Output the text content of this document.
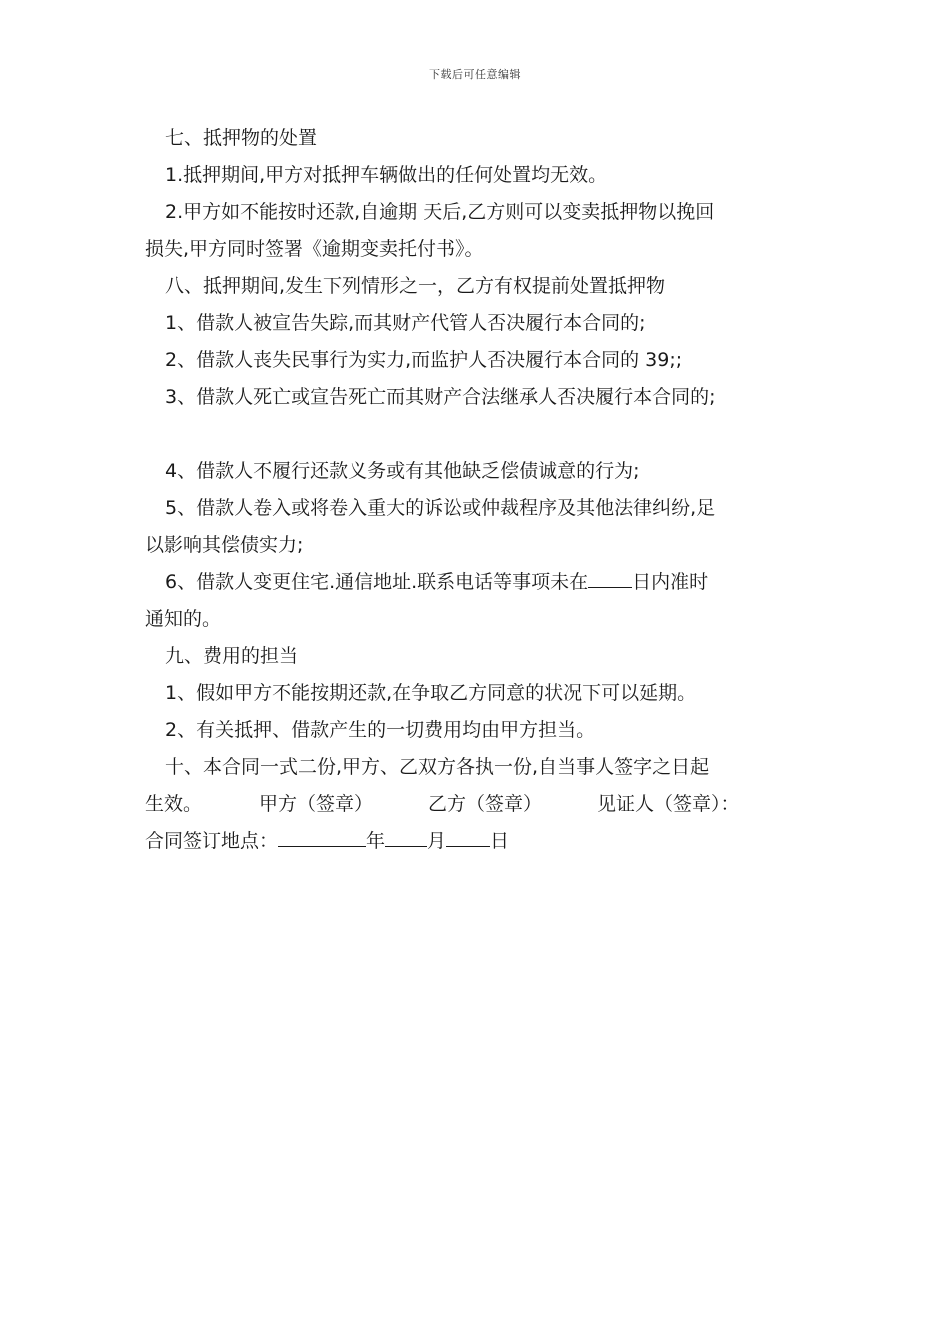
下载后可任意编辑

七、抵押物的处置

1.抵押期间,甲方对抵押车辆做出的任何处置均无效。

2.甲方如不能按时还款,自逾期 天后,乙方则可以变卖抵押物以挽回

损失,甲方同时签署《逾期变卖托付书》。

八、抵押期间,发生下列情形之一，乙方有权提前处置抵押物

1、借款人被宣告失踪,而其财产代管人否决履行本合同的;

2、借款人丧失民事行为实力,而监护人否决履行本合同的 39;;

3、借款人死亡或宣告死亡而其财产合法继承人否决履行本合同的;

4、借款人不履行还款义务或有其他缺乏偿债诚意的行为;

5、借款人卷入或将卷入重大的诉讼或仲裁程序及其他法律纠纷,足

以影响其偿债实力;

6、借款人变更住宅.通信地址.联系电话等事项未在 日内准时

通知的。

九、费用的担当

1、假如甲方不能按期还款,在争取乙方同意的状况下可以延期。

2、有关抵押、借款产生的一切费用均由甲方担当。

十、本合同一式二份,甲方、乙双方各执一份,自当事人签字之日起

生效。	甲方（签章）	乙方（签章）	见证人（签章）：

合同签订地点：	年 月 日
